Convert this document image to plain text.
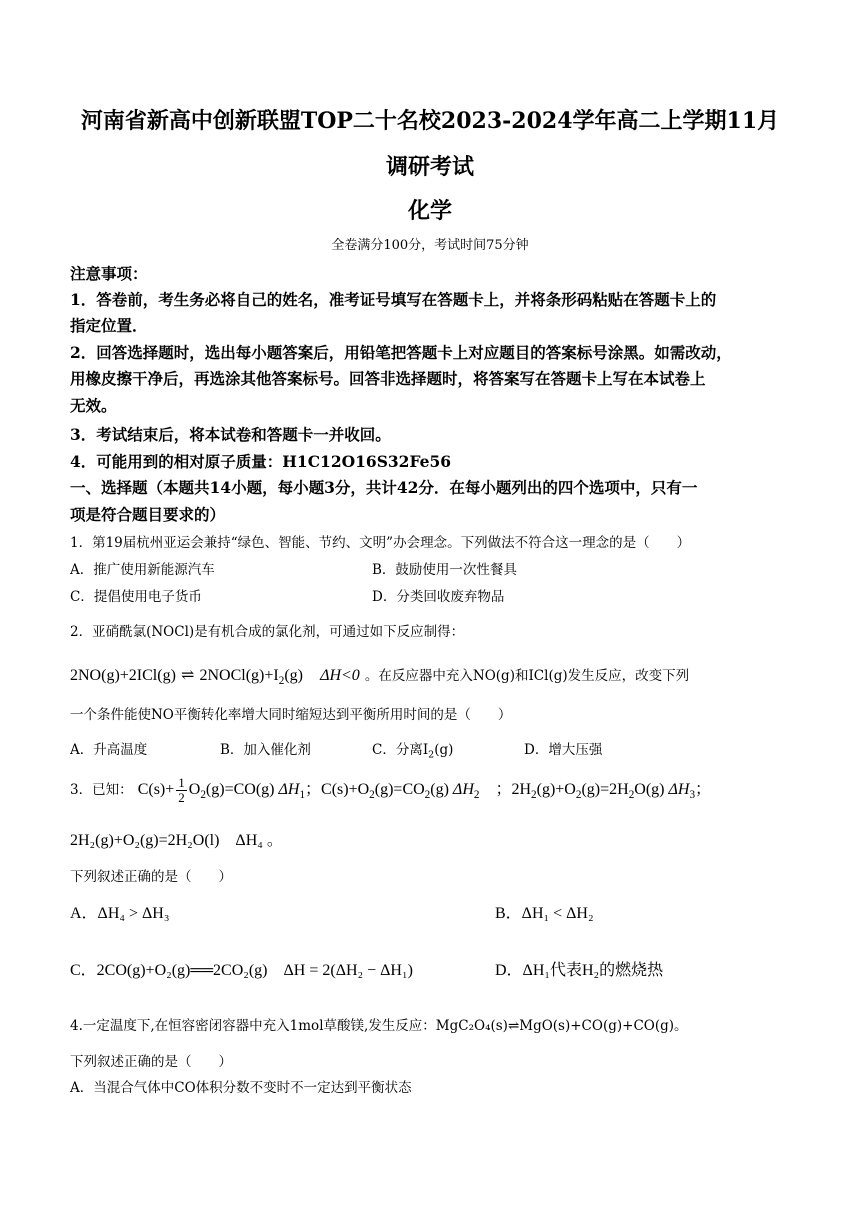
河南省新高中创新联盟TOP二十名校2023-2024学年高二上学期11月
调研考试
化学
全卷满分100分，考试时间75分钟
注意事项：
1．答卷前，考生务必将自己的姓名，准考证号填写在答题卡上，并将条形码粘贴在答题卡上的
指定位置．
2．回答选择题时，选出每小题答案后，用铅笔把答题卡上对应题目的答案标号涂黑。如需改动，
用橡皮擦干净后，再选涂其他答案标号。回答非选择题时，将答案写在答题卡上写在本试卷上
无效。
3．考试结束后，将本试卷和答题卡一并收回。
4．可能用到的相对原子质量：H1C12O16S32Fe56
一、选择题（本题共14小题，每小题3分，共计42分．在每小题列出的四个选项中，只有一
项是符合题目要求的）
1．第19届杭州亚运会兼持“绿色、智能、节约、文明”办会理念。下列做法不符合这一理念的是（　　）
A．推广使用新能源汽车	B．鼓励使用一次性餐具
C．提倡使用电子货币	D．分类回收废弃物品
2．亚硝酰氯(NOCl)是有机合成的氯化剂，可通过如下反应制得：
2NO(g)+2ICl(g) ⇌ $2NOCl(g)+I_2(g)$ ΔH<0 。在反应器中充入NO(g)和ICl(g)发生反应，改变下列
一个条件能使NO平衡转化率增大同时缩短达到平衡所用时间的是（　　）
A．升高温度	B．加入催化剂	C．分离$I_2(g)$	D．增大压强
3．已知： $C(s)+ \frac{1}{2} O_2(g)=CO(g)$ $\Delta H_1$；$C(s)+O_2(g)=CO_2(g)$ $\Delta H_2$　；$2H_2(g)+O_2(g)=2H_2O(g)$ $\Delta H_3$；
2H₂(g)+O₂(g)=2H₂O(l)　ΔH₄ 。
下列叙述正确的是（　　）
A．ΔH₄ > ΔH₃	B．ΔH₁ < ΔH₂
C．2CO(g)+O₂(g)══2CO₂(g)　ΔH = 2(ΔH₂ − ΔH₁)	D．ΔH₁代表H₂的燃烧热
4.一定温度下,在恒容密闭容器中充入1mol草酸镁,发生反应：MgC₂O₄(s)⇌MgO(s)+CO(g)+CO(g)。
下列叙述正确的是（　　）
A．当混合气体中CO体积分数不变时不一定达到平衡状态
